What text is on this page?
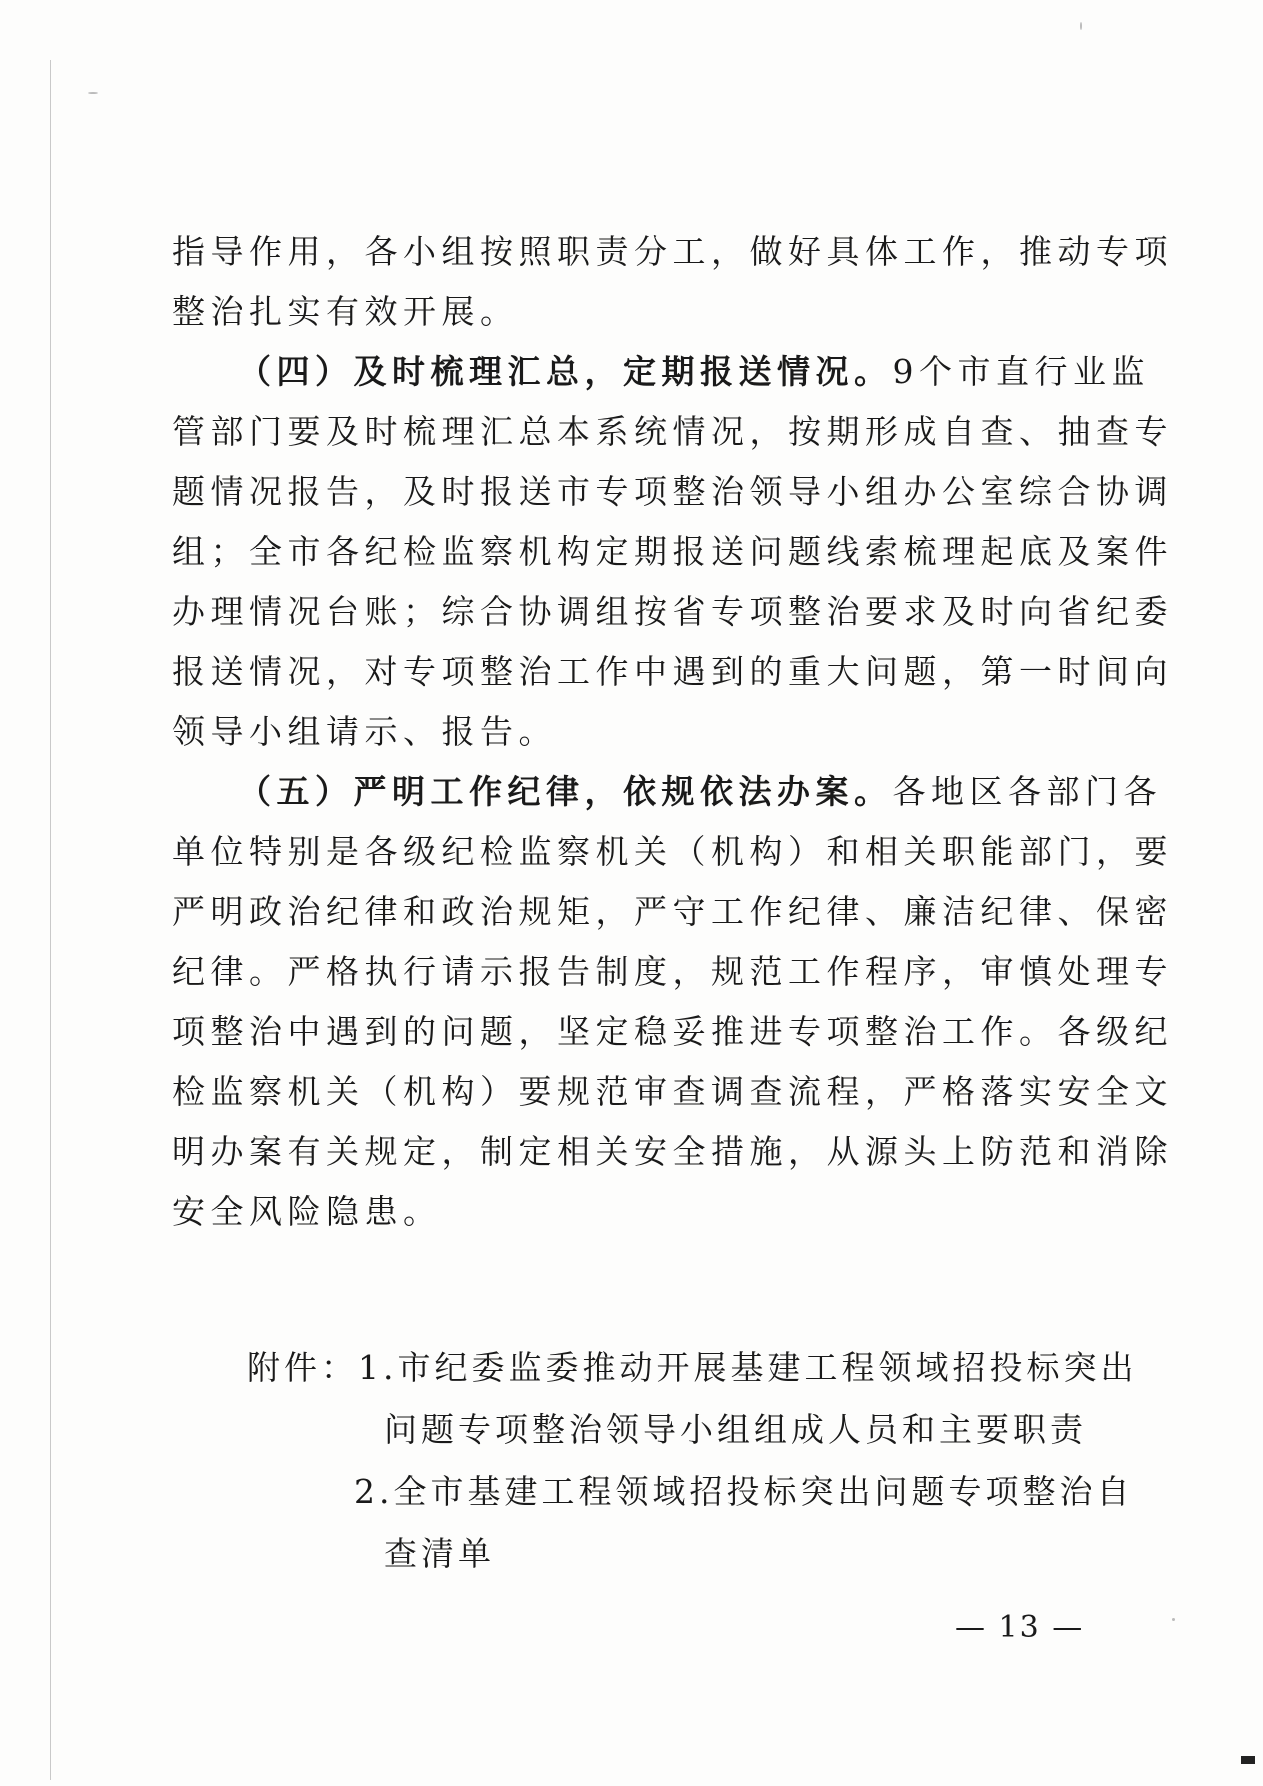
指导作用，各小组按照职责分工，做好具体工作，推动专项
整治扎实有效开展。
（四）及时梳理汇总，定期报送情况。9个市直行业监
管部门要及时梳理汇总本系统情况，按期形成自查、抽查专
题情况报告，及时报送市专项整治领导小组办公室综合协调
组；全市各纪检监察机构定期报送问题线索梳理起底及案件
办理情况台账；综合协调组按省专项整治要求及时向省纪委
报送情况，对专项整治工作中遇到的重大问题，第一时间向
领导小组请示、报告。
（五）严明工作纪律，依规依法办案。各地区各部门各
单位特别是各级纪检监察机关（机构）和相关职能部门，要
严明政治纪律和政治规矩，严守工作纪律、廉洁纪律、保密
纪律。严格执行请示报告制度，规范工作程序，审慎处理专
项整治中遇到的问题，坚定稳妥推进专项整治工作。各级纪
检监察机关（机构）要规范审查调查流程，严格落实安全文
明办案有关规定，制定相关安全措施，从源头上防范和消除
安全风险隐患。
附件：1.市纪委监委推动开展基建工程领域招投标突出
问题专项整治领导小组组成人员和主要职责
2.全市基建工程领域招投标突出问题专项整治自
查清单
— 13 —
